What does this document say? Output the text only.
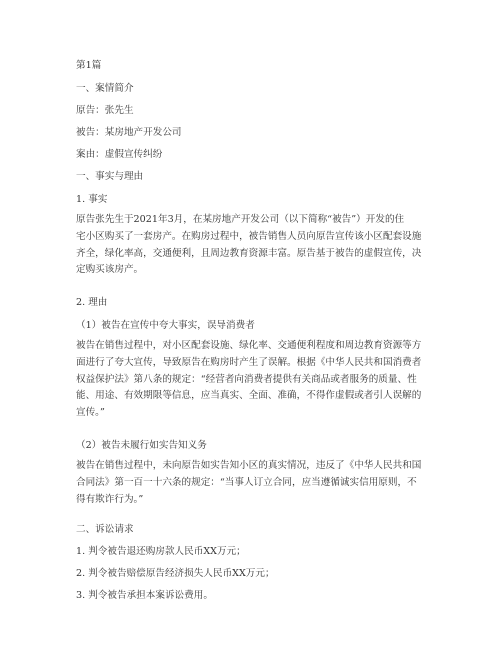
第1篇
一、案情简介
原告：张先生
被告：某房地产开发公司
案由：虚假宣传纠纷
一、事实与理由
1. 事实
原告张先生于2021年3月，在某房地产开发公司（以下简称“被告”）开发的住
宅小区购买了一套房产。在购房过程中，被告销售人员向原告宣传该小区配套设施
齐全，绿化率高，交通便利，且周边教育资源丰富。原告基于被告的虚假宣传，决
定购买该房产。
2. 理由
（1）被告在宣传中夸大事实，误导消费者
被告在销售过程中，对小区配套设施、绿化率、交通便利程度和周边教育资源等方
面进行了夸大宣传，导致原告在购房时产生了误解。根据《中华人民共和国消费者
权益保护法》第八条的规定：“经营者向消费者提供有关商品或者服务的质量、性
能、用途、有效期限等信息，应当真实、全面、准确，不得作虚假或者引人误解的
宣传。”
（2）被告未履行如实告知义务
被告在销售过程中，未向原告如实告知小区的真实情况，违反了《中华人民共和国
合同法》第一百一十六条的规定：“当事人订立合同，应当遵循诚实信用原则，不
得有欺诈行为。”
二、诉讼请求
1. 判令被告退还购房款人民币XX万元；
2. 判令被告赔偿原告经济损失人民币XX万元；
3. 判令被告承担本案诉讼费用。
